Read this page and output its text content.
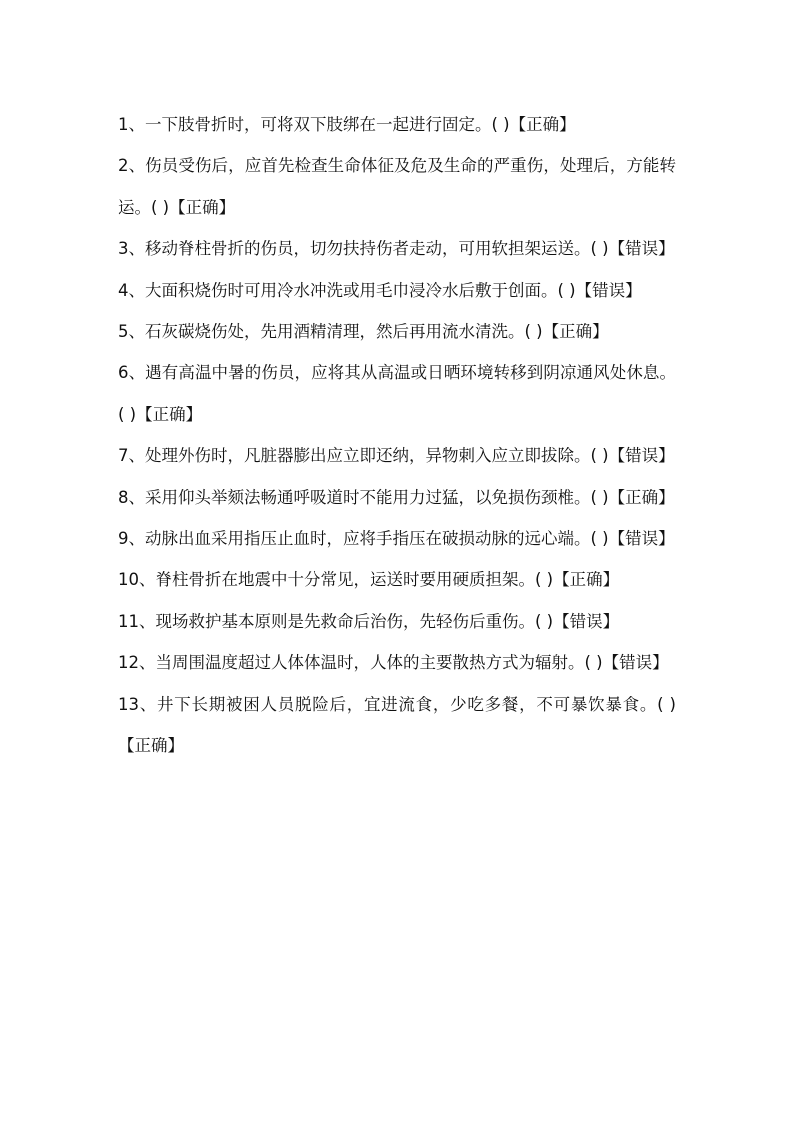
1、一下肢骨折时，可将双下肢绑在一起进行固定。( )【正确】

2、伤员受伤后，应首先检查生命体征及危及生命的严重伤，处理后，方能转运。( )【正确】

3、移动脊柱骨折的伤员，切勿扶持伤者走动，可用软担架运送。( )【错误】

4、大面积烧伤时可用冷水冲洗或用毛巾浸冷水后敷于创面。( )【错误】

5、石灰碳烧伤处，先用酒精清理，然后再用流水清洗。( )【正确】

6、遇有高温中暑的伤员，应将其从高温或日晒环境转移到阴凉通风处休息。( )【正确】

7、处理外伤时，凡脏器膨出应立即还纳，异物刺入应立即拔除。( )【错误】

8、采用仰头举颏法畅通呼吸道时不能用力过猛，以免损伤颈椎。( )【正确】

9、动脉出血采用指压止血时，应将手指压在破损动脉的远心端。( )【错误】

10、脊柱骨折在地震中十分常见，运送时要用硬质担架。( )【正确】

11、现场救护基本原则是先救命后治伤，先轻伤后重伤。( )【错误】

12、当周围温度超过人体体温时，人体的主要散热方式为辐射。( )【错误】

13、井下长期被困人员脱险后，宜进流食，少吃多餐，不可暴饮暴食。( )【正确】
